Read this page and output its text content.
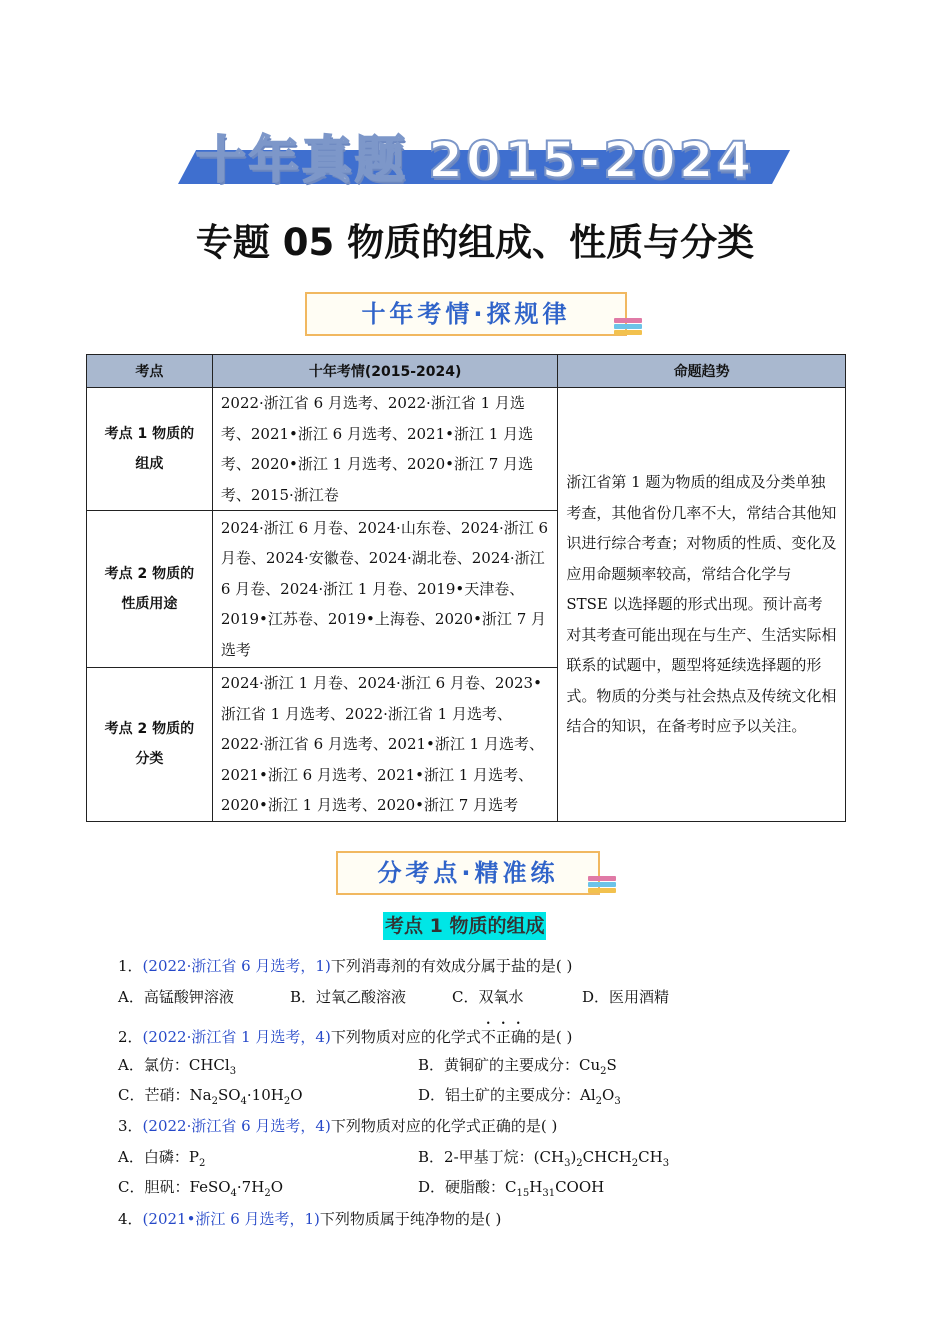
十年真题 2015-2024
专题 05 物质的组成、性质与分类
十年考情·探规律
考点	十年考情(2015-2024)	命题趋势
考点 1 物质的组成	2022·浙江省 6 月选考、2022·浙江省 1 月选考、2021•浙江 6 月选考、2021•浙江 1 月选考、2020•浙江 1 月选考、2020•浙江 7 月选考、2015·浙江卷	浙江省第 1 题为物质的组成及分类单独考查，其他省份几率不大，常结合其他知识进行综合考查；对物质的性质、变化及应用命题频率较高，常结合化学与 STSE 以选择题的形式出现。预计高考对其考查可能出现在与生产、生活实际相联系的试题中，题型将延续选择题的形式。物质的分类与社会热点及传统文化相结合的知识，在备考时应予以关注。
考点 2 物质的性质用途	2024·浙江 6 月卷、2024·山东卷、2024·浙江 6 月卷、2024·安徽卷、2024·湖北卷、2024·浙江 6 月卷、2024·浙江 1 月卷、2019•天津卷、2019•江苏卷、2019•上海卷、2020•浙江 7 月选考	
考点 2 物质的分类	2024·浙江 1 月卷、2024·浙江 6 月卷、2023•浙江省 1 月选考、2022·浙江省 1 月选考、2022·浙江省 6 月选考、2021•浙江 1 月选考、2021•浙江 6 月选考、2021•浙江 1 月选考、2020•浙江 1 月选考、2020•浙江 7 月选考	
分考点·精准练
考点 1 物质的组成
1．(2022·浙江省 6 月选考，1)下列消毒剂的有效成分属于盐的是( )
A．高锰酸钾溶液	B．过氧乙酸溶液	C．双氧水	D．医用酒精
2．(2022·浙江省 1 月选考，4)下列物质对应的化学式不正确的是( )
A．氯仿：CHCl$_3$	B．黄铜矿的主要成分：$Cu_2S$
C．芒硝：$Na_2SO_4\cdot 10H_2O$	D．铝土矿的主要成分：$Al_2O_3$
3．(2022·浙江省 6 月选考，4)下列物质对应的化学式正确的是( )
A．白磷：$P_2$	B．2-甲基丁烷：$(CH_3)_2CHCH_2CH_3$
C．胆矾：$FeSO_4\cdot 7H_2O$	D．硬脂酸：$C_{15}H_{31}COOH$
4．(2021•浙江 6 月选考，1)下列物质属于纯净物的是( )
